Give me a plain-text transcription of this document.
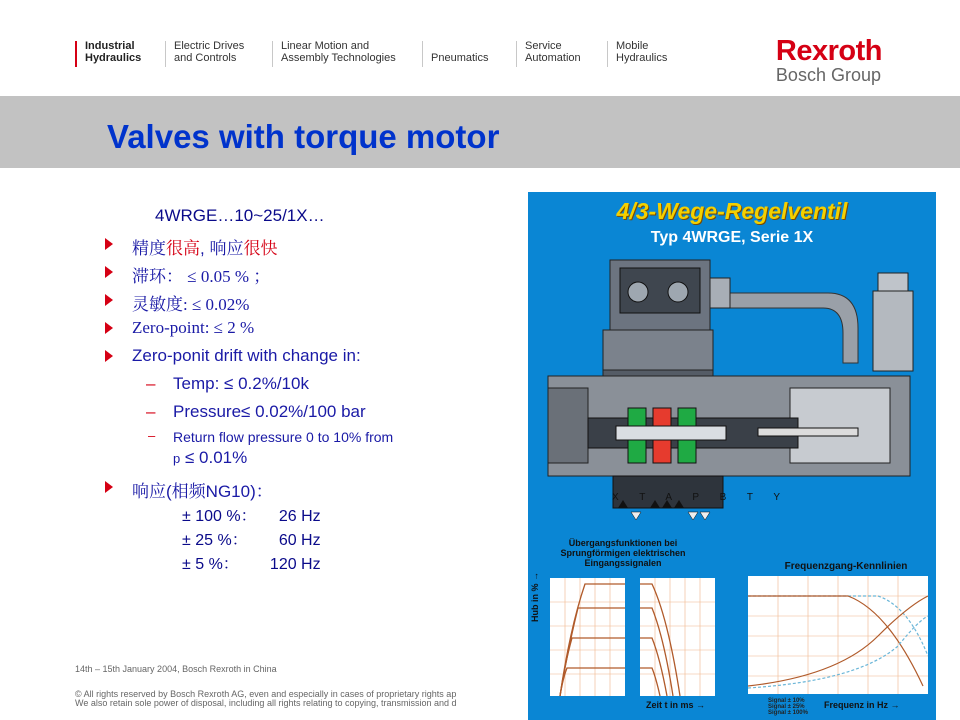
Industrial
Hydraulics
Electric Drives
and Controls
Linear Motion and
Assembly Technologies
	Pneumatics
Service
Automation
Mobile
Hydraulics	Rexroth
Bosch Group
Valves with torque motor
4WRGE…10~25/1X…
精度很高, 响应很快
滞环： ≤ 0.05 % ；
灵敏度: ≤ 0.02%
Zero-point: ≤ 2 %
Zero-ponit drift with change in:
– Temp: ≤ 0.2%/10k
– Pressure≤ 0.02%/100 bar
– Return flow pressure 0 to 10% from
p ≤ 0.01%
响应(相频NG10)：
± 100 %：     26 Hz
± 25 %：       60 Hz
± 5 %：       120 Hz
4/3-Wege-Regelventil
Typ 4WRGE, Serie 1X
X T A P B T Y
Übergangsfunktionen bei Sprungförmigen elektrischen Eingangssignalen	Frequenzgang-Kennlinien
Hub in % →
Zeit t in ms →	Frequenz in Hz →
Signal ± 10%
Signal ± 25%
Signal ± 100%
14th – 15th January 2004, Bosch Rexroth in China
© All rights reserved by Bosch Rexroth AG, even and especially in cases of proprietary rights ap
We also retain sole power of disposal, including all rights relating to copying, transmission and d
